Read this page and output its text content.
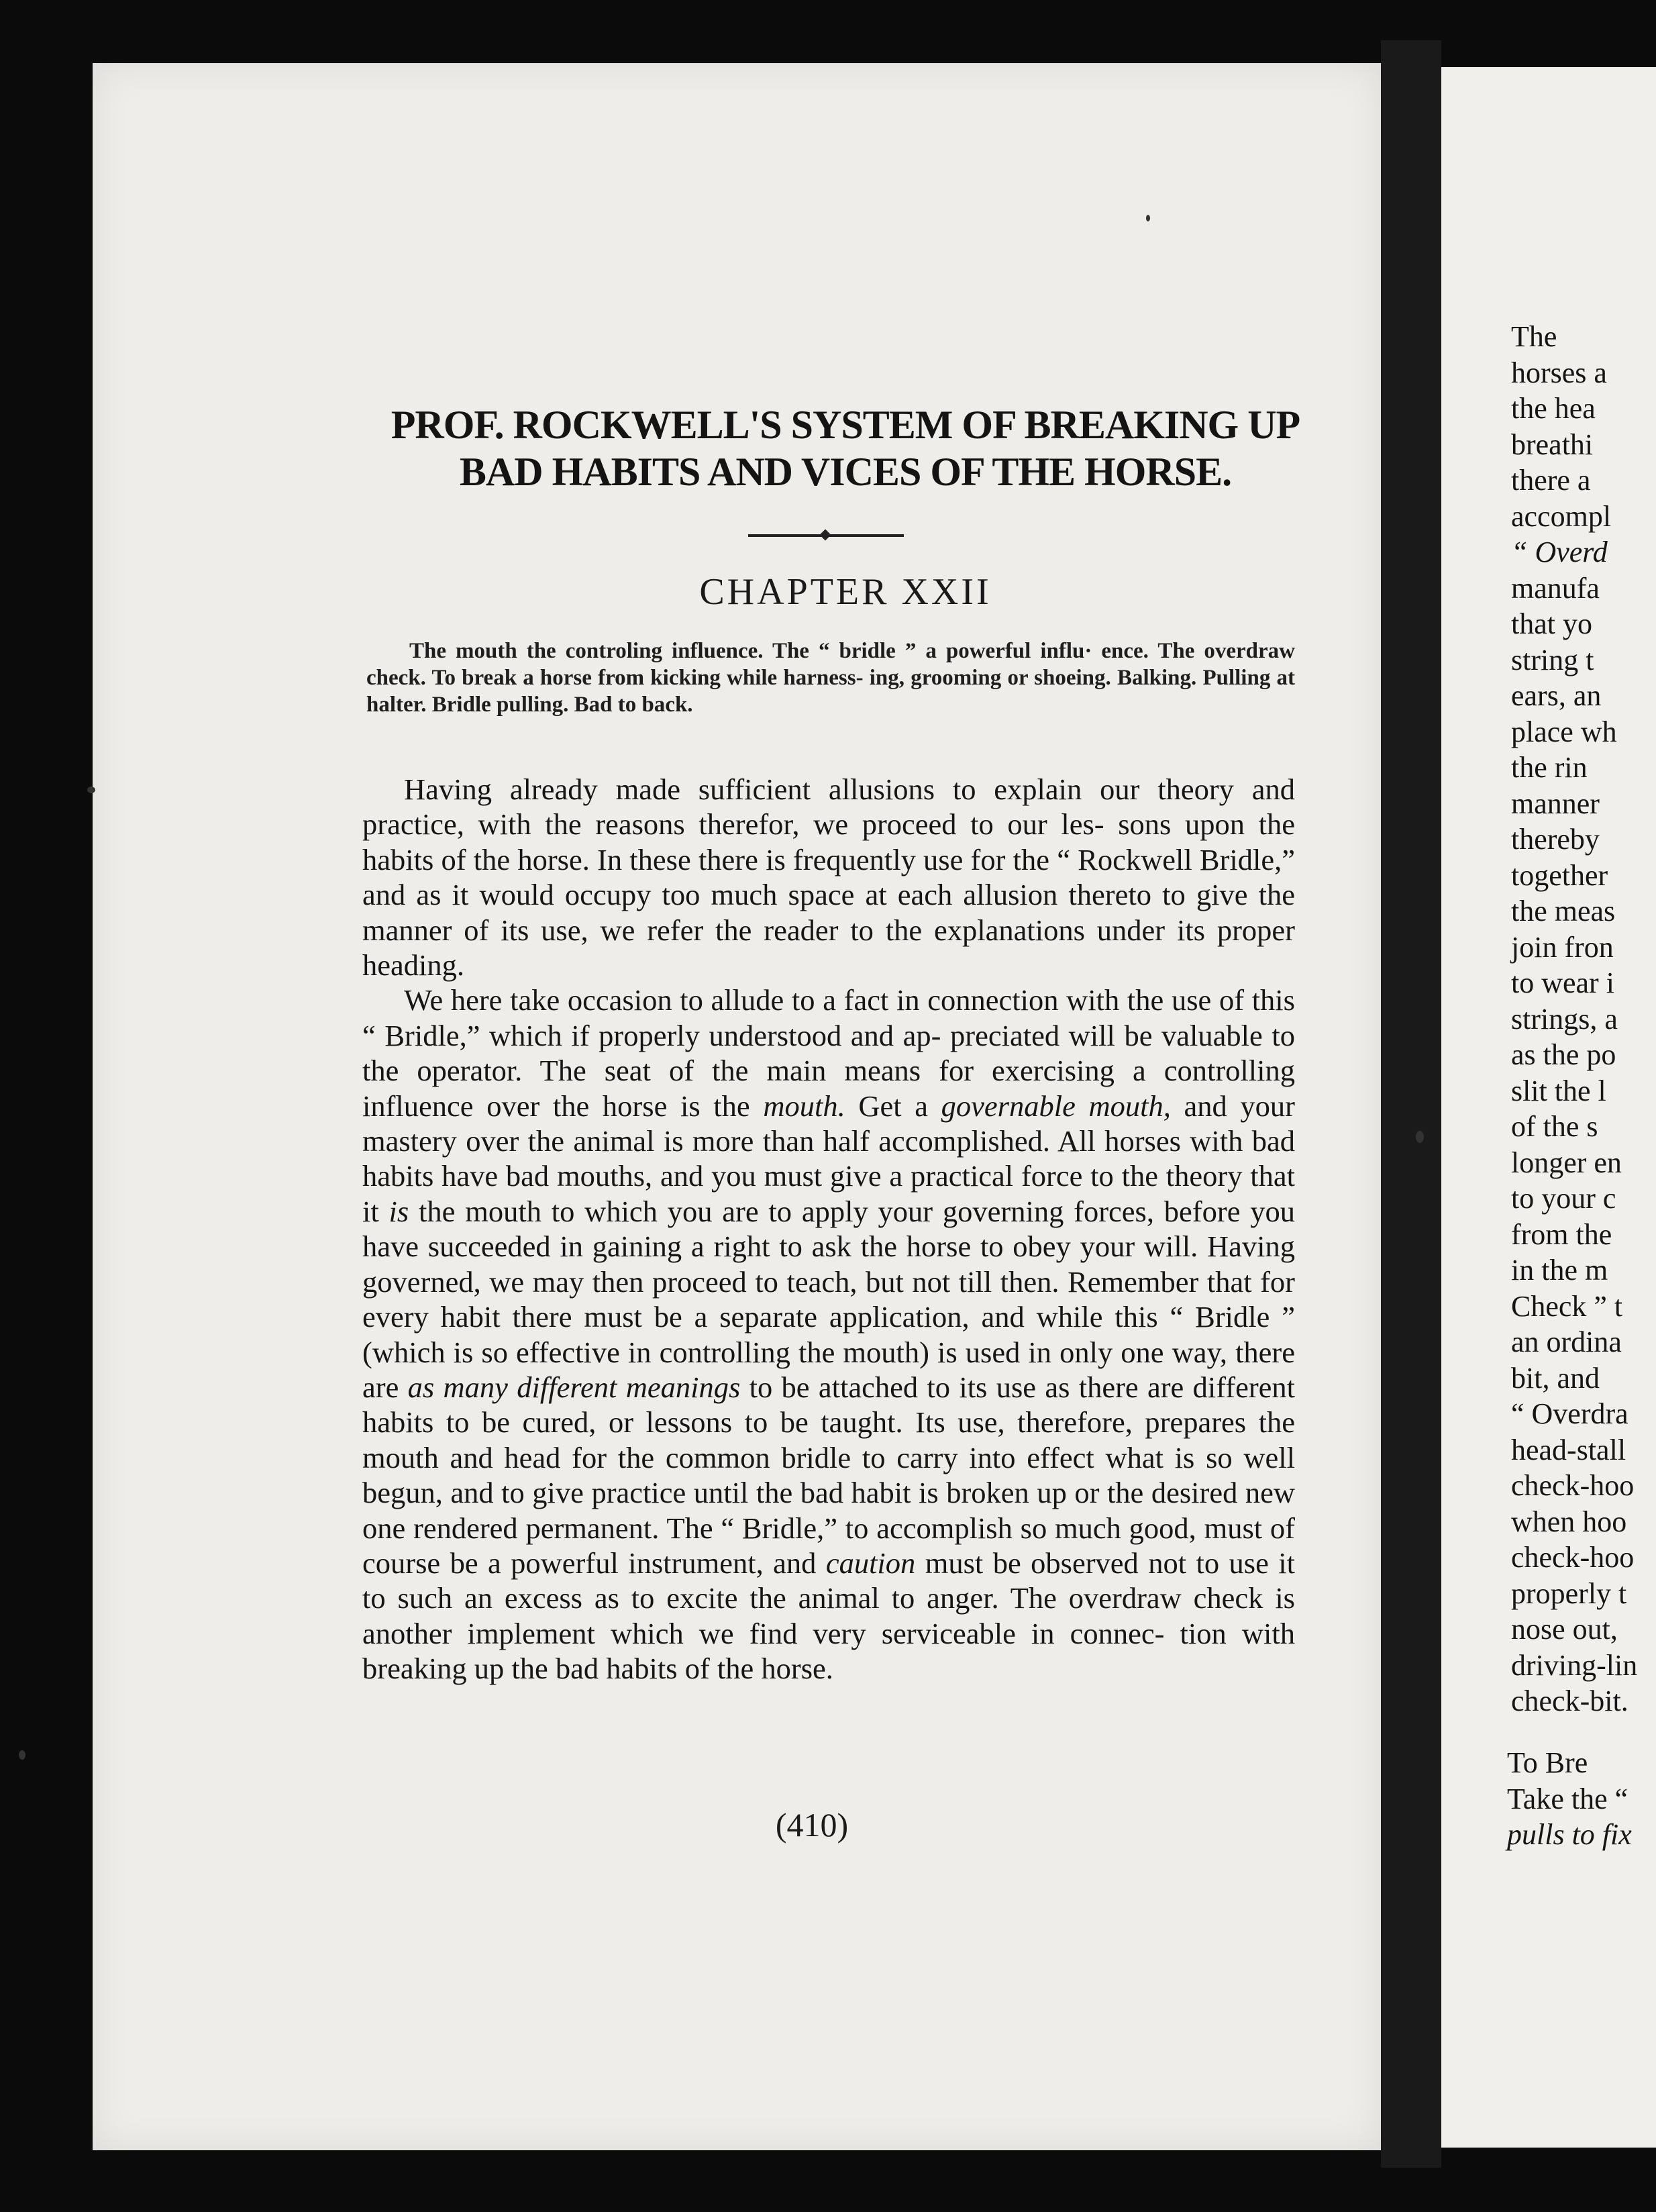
PROF. ROCKWELL'S SYSTEM OF BREAKING UP BAD HABITS AND VICES OF THE HORSE.
CHAPTER XXII
The mouth the controling influence. The “ bridle ” a powerful influ· ence. The overdraw check. To break a horse from kicking while harness- ing, grooming or shoeing. Balking. Pulling at halter. Bridle pulling. Bad to back.

Having already made sufficient allusions to explain our theory and practice, with the reasons therefor, we proceed to our les- sons upon the habits of the horse. In these there is frequently use for the “ Rockwell Bridle,” and as it would occupy too much space at each allusion thereto to give the manner of its use, we refer the reader to the explanations under its proper heading.

We here take occasion to allude to a fact in connection with the use of this “ Bridle,” which if properly understood and ap- preciated will be valuable to the operator. The seat of the main means for exercising a controlling influence over the horse is the mouth. Get a governable mouth, and your mastery over the animal is more than half accomplished. All horses with bad habits have bad mouths, and you must give a practical force to the theory that it is the mouth to which you are to apply your governing forces, before you have succeeded in gaining a right to ask the horse to obey your will. Having governed, we may then proceed to teach, but not till then. Remember that for every habit there must be a separate application, and while this “ Bridle ” (which is so effective in controlling the mouth) is used in only one way, there are as many different meanings to be attached to its use as there are different habits to be cured, or lessons to be taught. Its use, therefore, prepares the mouth and head for the common bridle to carry into effect what is so well begun, and to give practice until the bad habit is broken up or the desired new one rendered permanent. The “ Bridle,” to accomplish so much good, must of course be a powerful instrument, and caution must be observed not to use it to such an excess as to excite the animal to anger. The overdraw check is another implement which we find very serviceable in connec- tion with breaking up the bad habits of the horse.

(410)
The
horses a
the hea
breathi
there a
accompl
“ Overd
manufa
that yo
string t
ears, an
place wh
the rin
manner
thereby
together
the meas
join fron
to wear i
strings, a
as the po
slit the l
of the s
longer en
to your c
from the
in the m
Check ” t
an ordina
bit, and
“ Overdra
head-stall
check-hoo
when hoo
check-hoo
properly t
nose out,
driving-lin
check-bit.
To Bre
Take the “
pulls to fix
